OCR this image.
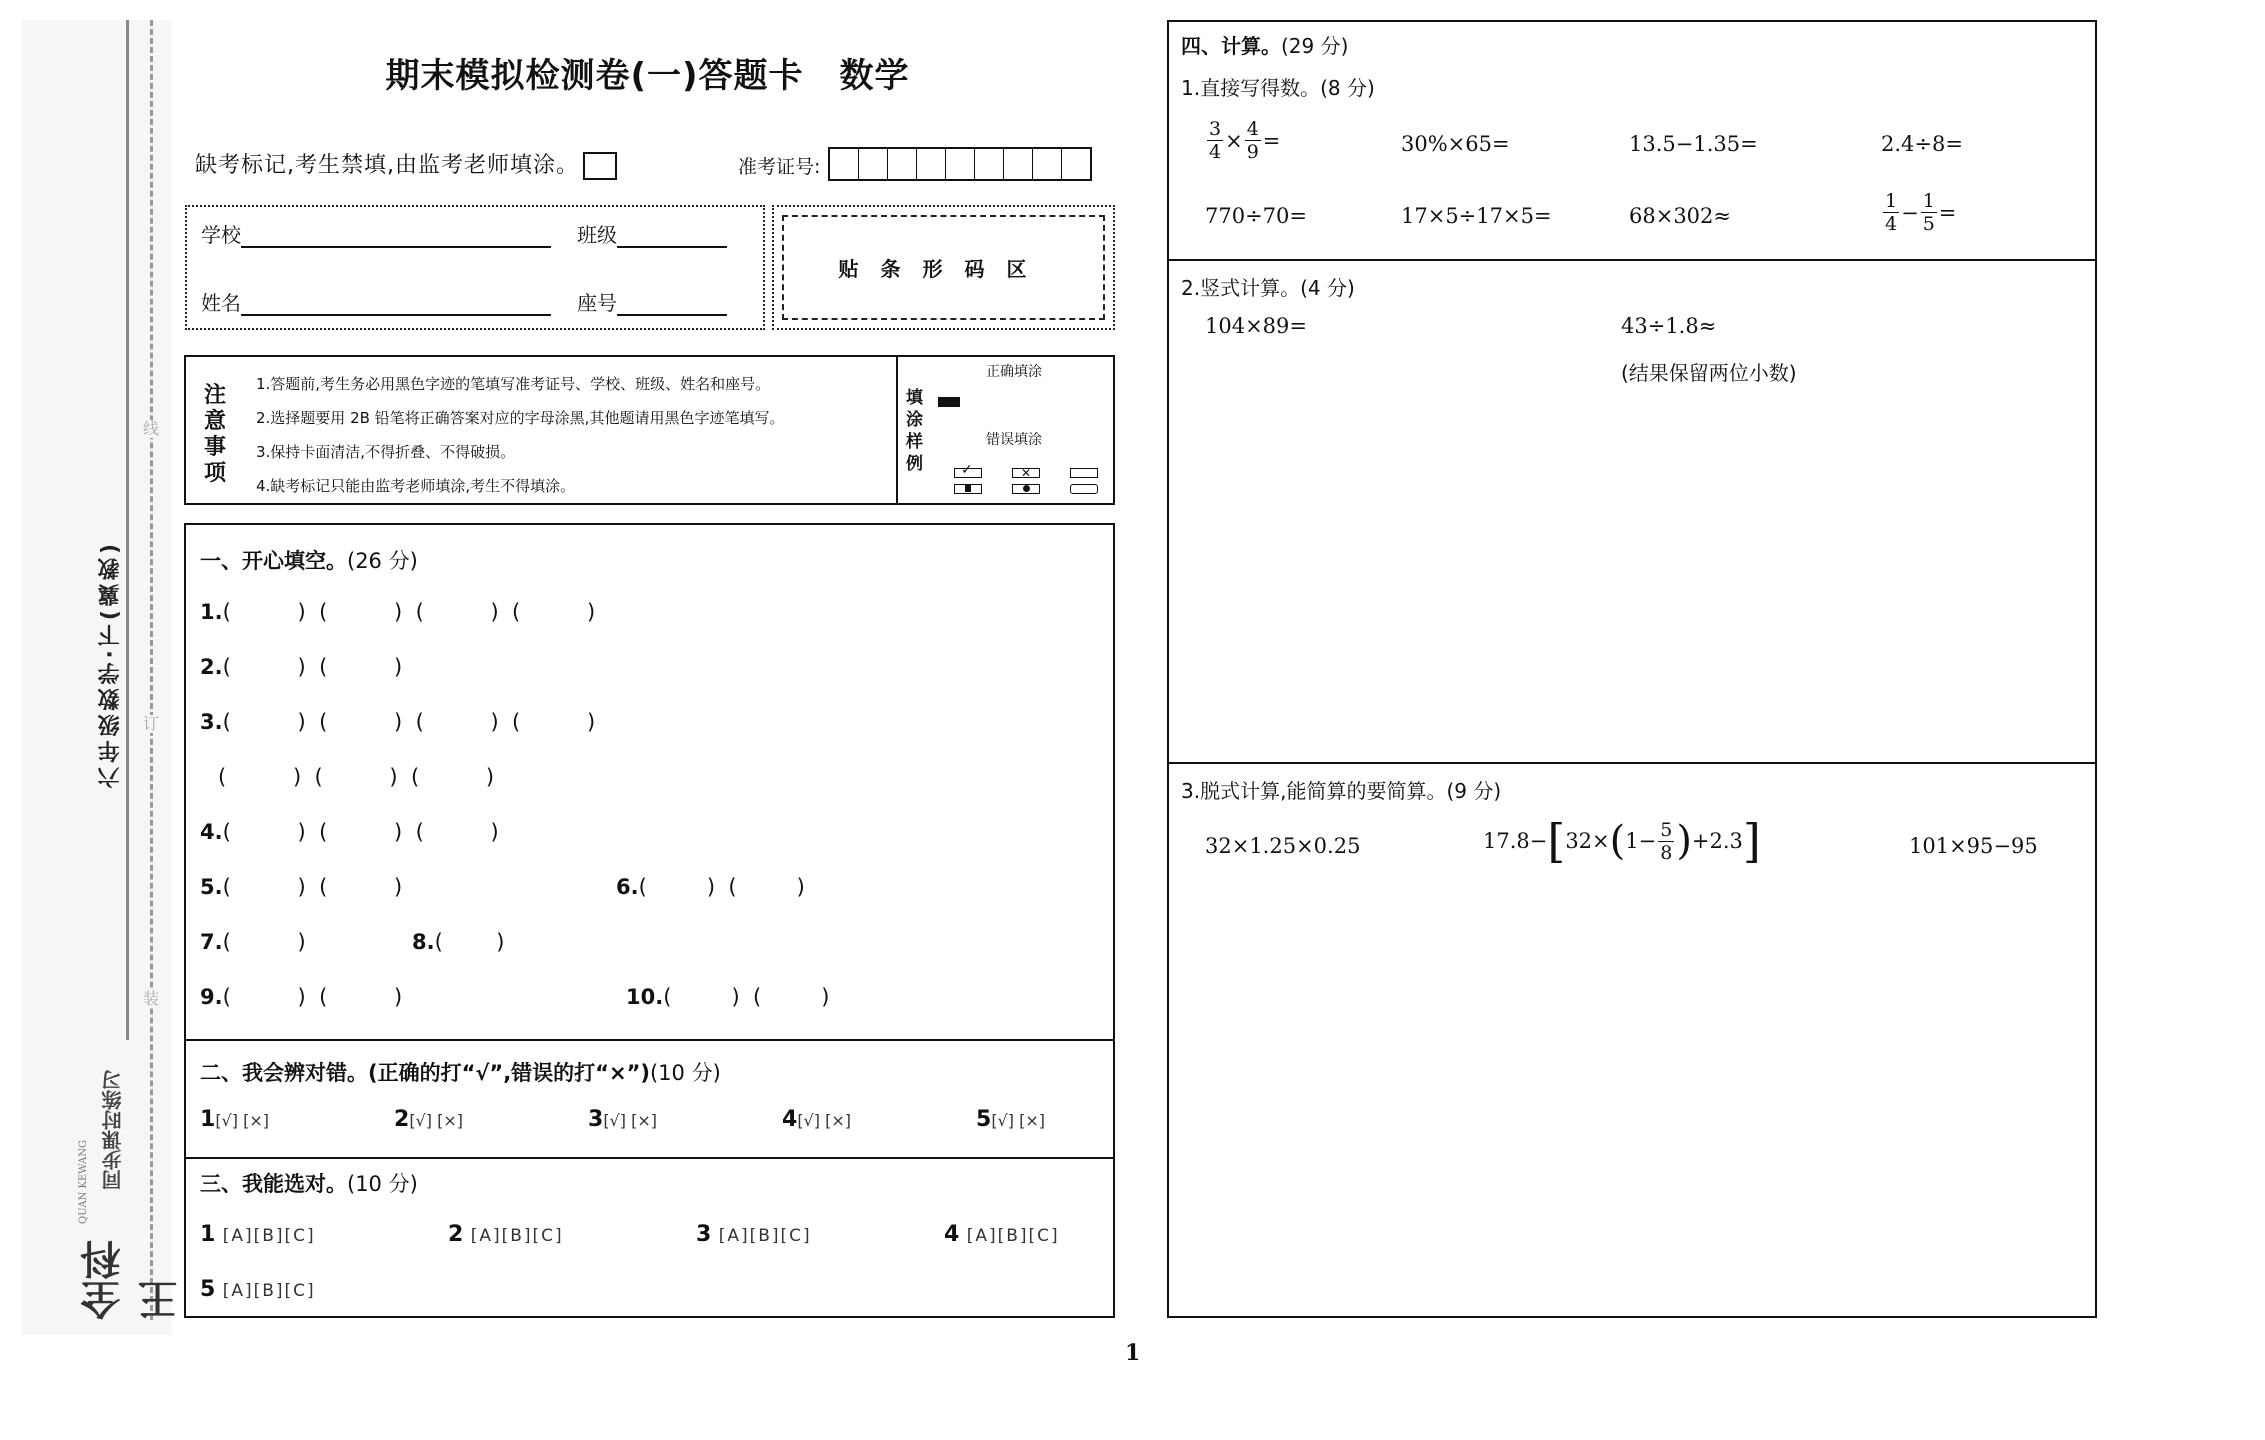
线
订
装
六年级数学·下(冀教)
全科王
同步课时练习
QUAN KEWANG
期末模拟检测卷(一)答题卡 数学
缺考标记,考生禁填,由监考老师填涂。	准考证号:
学校	班级
姓名	座号
贴条形码区
注意事项
1.答题前,考生务必用黑色字迹的笔填写准考证号、学校、班级、姓名和座号。
2.选择题要用 2B 铅笔将正确答案对应的字母涂黑,其他题请用黑色字迹笔填写。
3.保持卡面清洁,不得折叠、不得破损。
4.缺考标记只能由监考老师填涂,考生不得填涂。
填涂样例
正确填涂
错误填涂
✓	✕
一、开心填空。(26 分)
1.(          )  (          )  (          )  (          )
2.(          )  (          )
3.(          )  (          )  (          )  (          )
(          )  (          )  (          )
4.(          )  (          )  (          )
5.(          )  (          )	6.(         )  (         )
7.(          )	8.(        )
9.(          )  (          )	10.(         )  (         )
二、我会辨对错。(正确的打“√”,错误的打“×”)(10 分)
1[√] [×]	2[√] [×]	3[√] [×]	4[√] [×]	5[√] [×]
三、我能选对。(10 分)
1 [A][B][C]	2 [A][B][C]	3 [A][B][C]	4 [A][B][C]
5 [A][B][C]
四、计算。(29 分)
1.直接写得数。(8 分)
$\frac{3}{4} \times \frac{4}{9}$ =	30%×65=	13.5−1.35=	2.4÷8=
770÷70=	17×5÷17×5=	68×302≈	$\frac{1}{4} - \frac{1}{5}$ =
2.竖式计算。(4 分)
104×89=	43÷1.8≈
(结果保留两位小数)
3.脱式计算,能简算的要简算。(9 分)
32×1.25×0.25	17.8− [ 32× ( $1- \frac{5}{8}$ ) +2.3 ]	101×95−95
1
